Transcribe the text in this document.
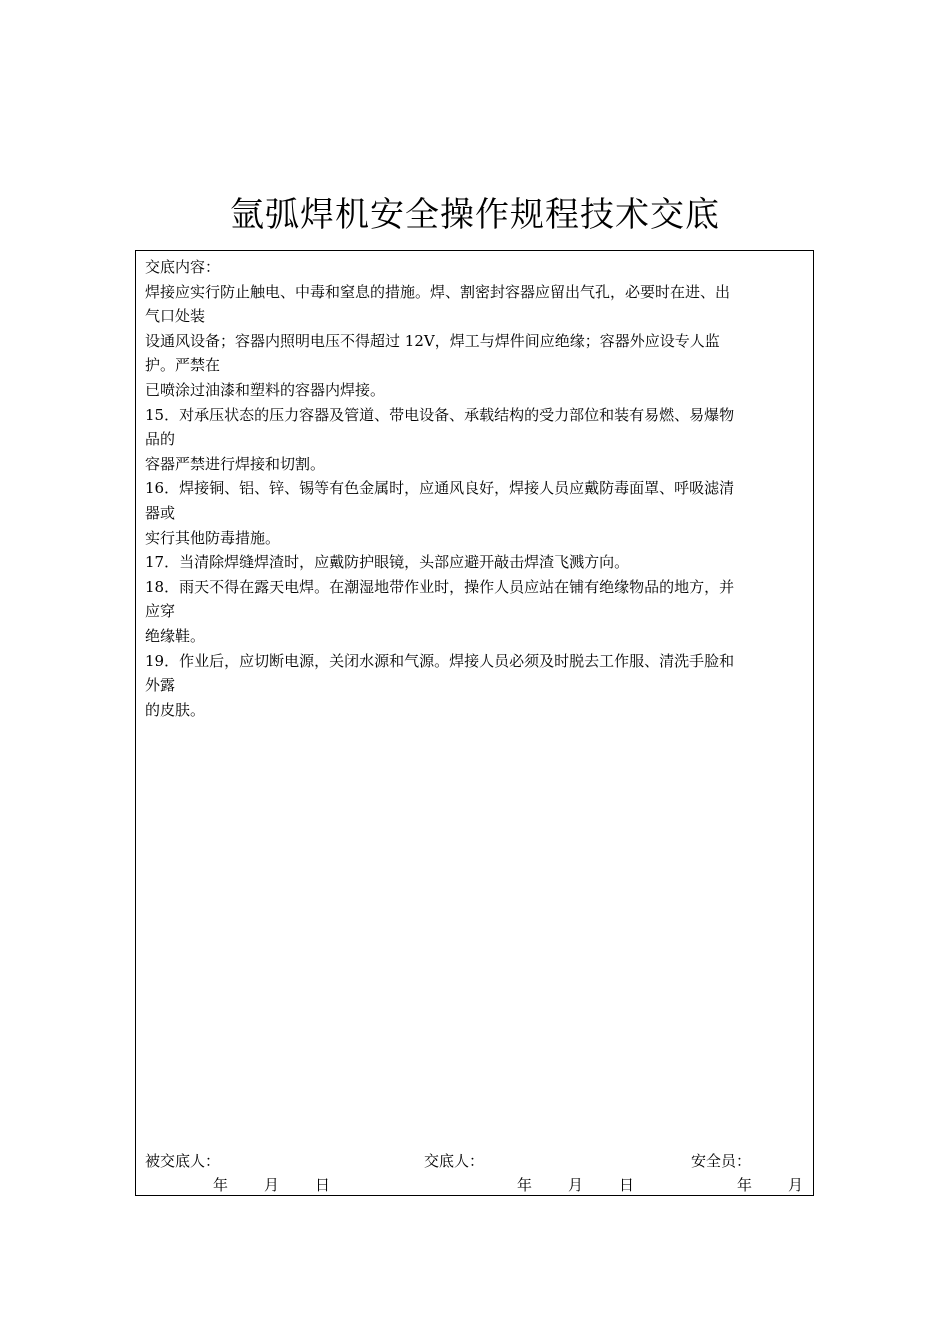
氩弧焊机安全操作规程技术交底
交底内容：
焊接应实行防止触电、中毒和窒息的措施。焊、割密封容器应留出气孔，必要时在进、出
气口处装
设通风设备；容器内照明电压不得超过 12V，焊工与焊件间应绝缘；容器外应设专人监
护。严禁在
已喷涂过油漆和塑料的容器内焊接。
15．对承压状态的压力容器及管道、带电设备、承载结构的受力部位和装有易燃、易爆物
品的
容器严禁进行焊接和切割。
16．焊接铜、铝、锌、锡等有色金属时，应通风良好，焊接人员应戴防毒面罩、呼吸滤清
器或
实行其他防毒措施。
17．当清除焊缝焊渣时，应戴防护眼镜，头部应避开敲击焊渣飞溅方向。
18．雨天不得在露天电焊。在潮湿地带作业时，操作人员应站在铺有绝缘物品的地方，并
应穿
绝缘鞋。
19．作业后，应切断电源，关闭水源和气源。焊接人员必须及时脱去工作服、清洗手脸和
外露
的皮肤。
被交底人：	交底人：	安全员：
年 月 日	年 月 日	年 月
